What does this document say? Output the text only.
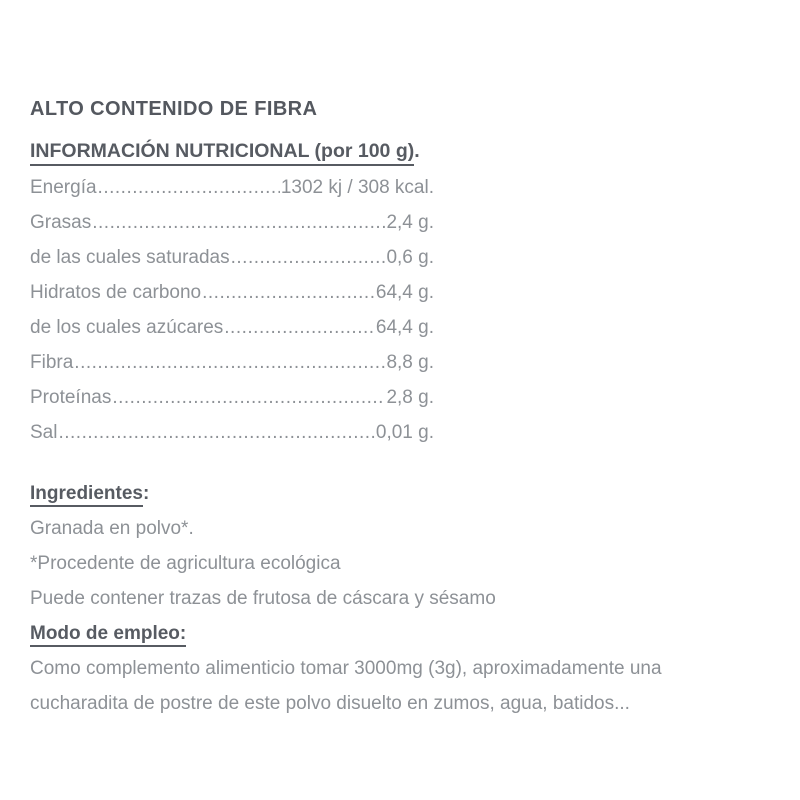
ALTO CONTENIDO DE FIBRA
INFORMACIÓN NUTRICIONAL (por 100 g).
Energía .....	1302 kj / 308 kcal.
Grasas .....	2,4 g.
de las cuales saturadas .....	0,6 g.
Hidratos de carbono .....	64,4 g.
de los cuales azúcares .....	64,4 g.
Fibra .....	8,8 g.
Proteínas .....	2,8 g.
Sal .....	0,01 g.
Ingredientes:
Granada en polvo*.
*Procedente de agricultura ecológica
Puede contener trazas de frutosa de cáscara y sésamo
Modo de empleo:
Como complemento alimenticio tomar 3000mg (3g), aproximadamente una
cucharadita de postre de este polvo disuelto en zumos, agua, batidos...
